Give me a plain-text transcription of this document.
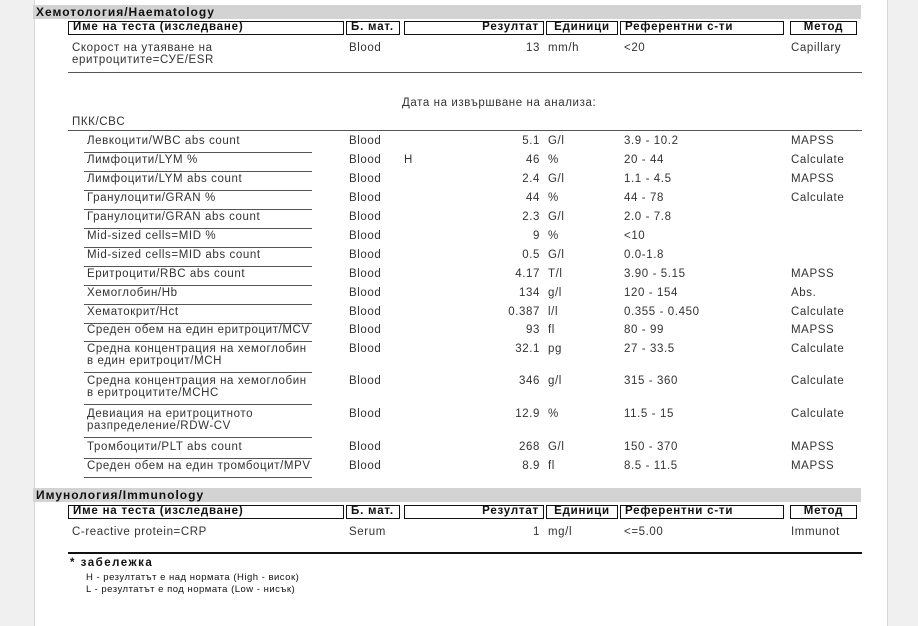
Хемотология/Haematology
Име на теста (изследване)	Б. мат.	Резултат	Единици	Референтни с-ти	Метод
Скорост на утаяване на
еритроцитите=СУЕ/ESR
Blood	13 mm/h	<20	Capillary
Дата на извършване на анализа:
ПКК/CBC
Левкоцити/WBC abs count	Blood	5.1 G/l	3.9 - 10.2	MAPSS
Лимфоцити/LYM %	Blood	H	46 %	20 - 44	Calculate
Лимфоцити/LYM abs count	Blood	2.4 G/l	1.1 - 4.5	MAPSS
Гранулоцити/GRAN %	Blood	44 %	44 - 78	Calculate
Гранулоцити/GRAN abs count	Blood	2.3 G/l	2.0 - 7.8
Mid-sized cells=MID %	Blood	9 %	<10
Mid-sized cells=MID abs count	Blood	0.5 G/l	0.0-1.8
Еритроцити/RBC abs count	Blood	4.17 T/l	3.90 - 5.15	MAPSS
Хемоглобин/Hb	Blood	134 g/l	120 - 154	Abs.
Хематокрит/Hct	Blood	0.387 l/l	0.355 - 0.450	Calculate
Среден обем на един еритроцит/MCV	Blood	93 fl	80 - 99	MAPSS
Средна концентрация на хемоглобин
в един еритроцит/MCH
Blood	32.1 pg	27 - 33.5	Calculate
Средна концентрация на хемоглобин
в еритроцитите/MCHC
Blood	346 g/l	315 - 360	Calculate
Девиация на еритроцитното
разпределение/RDW-CV
Blood	12.9 %	11.5 - 15	Calculate
Тромбоцити/PLT abs count	Blood	268 G/l	150 - 370	MAPSS
Среден обем на един тромбоцит/MPV	Blood	8.9 fl	8.5 - 11.5	MAPSS
Имунология/Immunology
Име на теста (изследване)	Б. мат.	Резултат	Единици	Референтни с-ти	Метод
C-reactive protein=CRP	Serum	1 mg/l	<=5.00	Immunot
* забележка
H - резултатът е над нормата (High - висок)
L - резултатът е под нормата (Low - нисък)
